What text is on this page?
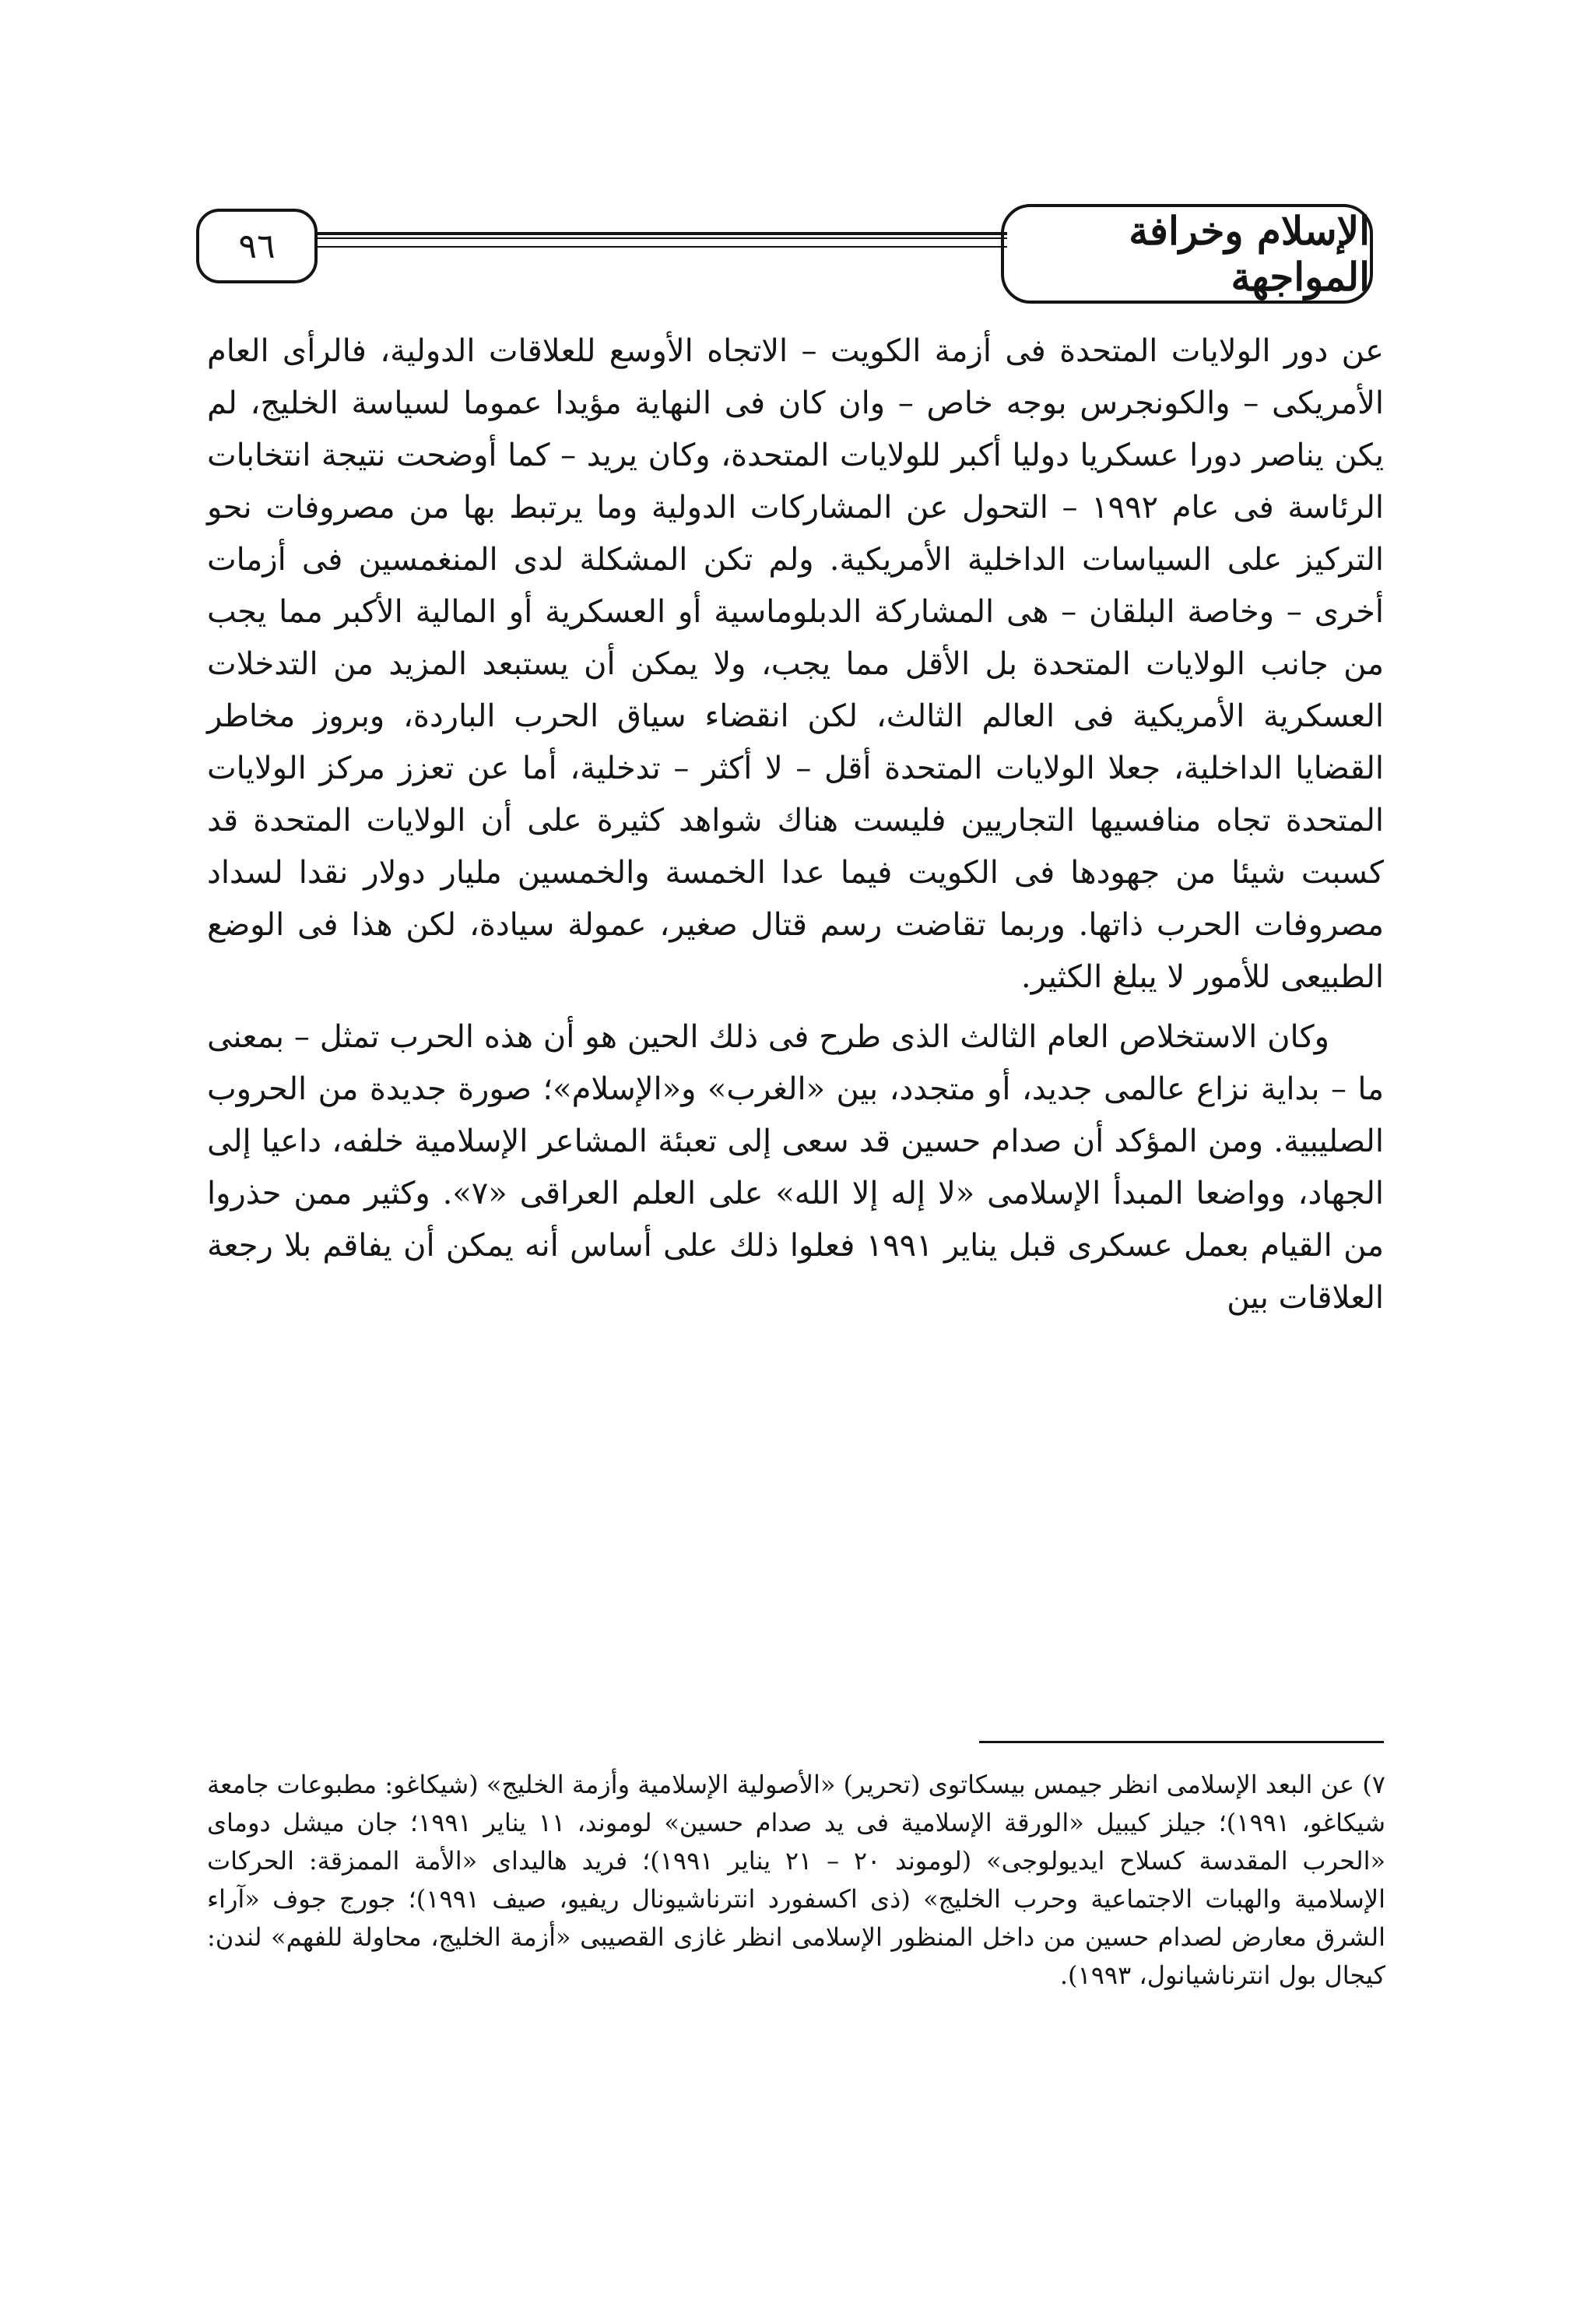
الإسلام وخرافة المواجهة
٩٦

عن دور الولايات المتحدة فى أزمة الكويت – الاتجاه الأوسع للعلاقات الدولية، فالرأى العام الأمريكى – والكونجرس بوجه خاص – وان كان فى النهاية مؤيدا عموما لسياسة الخليج، لم يكن يناصر دورا عسكريا دوليا أكبر للولايات المتحدة، وكان يريد – كما أوضحت نتيجة انتخابات الرئاسة فى عام ١٩٩٢ – التحول عن المشاركات الدولية وما يرتبط بها من مصروفات نحو التركيز على السياسات الداخلية الأمريكية. ولم تكن المشكلة لدى المنغمسين فى أزمات أخرى – وخاصة البلقان – هى المشاركة الدبلوماسية أو العسكرية أو المالية الأكبر مما يجب من جانب الولايات المتحدة بل الأقل مما يجب، ولا يمكن أن يستبعد المزيد من التدخلات العسكرية الأمريكية فى العالم الثالث، لكن انقضاء سياق الحرب الباردة، وبروز مخاطر القضايا الداخلية، جعلا الولايات المتحدة أقل – لا أكثر – تدخلية، أما عن تعزز مركز الولايات المتحدة تجاه منافسيها التجاريين فليست هناك شواهد كثيرة على أن الولايات المتحدة قد كسبت شيئا من جهودها فى الكويت فيما عدا الخمسة والخمسين مليار دولار نقدا لسداد مصروفات الحرب ذاتها. وربما تقاضت رسم قتال صغير، عمولة سيادة، لكن هذا فى الوضع الطبيعى للأمور لا يبلغ الكثير.

وكان الاستخلاص العام الثالث الذى طرح فى ذلك الحين هو أن هذه الحرب تمثل – بمعنى ما – بداية نزاع عالمى جديد، أو متجدد، بين «الغرب» و«الإسلام»؛ صورة جديدة من الحروب الصليبية. ومن المؤكد أن صدام حسين قد سعى إلى تعبئة المشاعر الإسلامية خلفه، داعيا إلى الجهاد، وواضعا المبدأ الإسلامى «لا إله إلا الله» على العلم العراقى «٧». وكثير ممن حذروا من القيام بعمل عسكرى قبل يناير ١٩٩١ فعلوا ذلك على أساس أنه يمكن أن يفاقم بلا رجعة العلاقات بين

٧) عن البعد الإسلامى انظر جيمس بيسكاتوى (تحرير) «الأصولية الإسلامية وأزمة الخليج» (شيكاغو: مطبوعات جامعة شيكاغو، ١٩٩١)؛ جيلز كيبيل «الورقة الإسلامية فى يد صدام حسين» لوموند، ١١ يناير ١٩٩١؛ جان ميشل دوماى «الحرب المقدسة كسلاح ايديولوجى» (لوموند ٢٠ – ٢١ يناير ١٩٩١)؛ فريد هاليداى «الأمة الممزقة: الحركات الإسلامية والهبات الاجتماعية وحرب الخليج» (ذى اكسفورد انترناشيونال ريفيو، صيف ١٩٩١)؛ جورج جوف «آراء الشرق معارض لصدام حسين من داخل المنظور الإسلامى انظر غازى القصيبى «أزمة الخليج، محاولة للفهم» لندن: كيجال بول انترناشيانول، ١٩٩٣).
